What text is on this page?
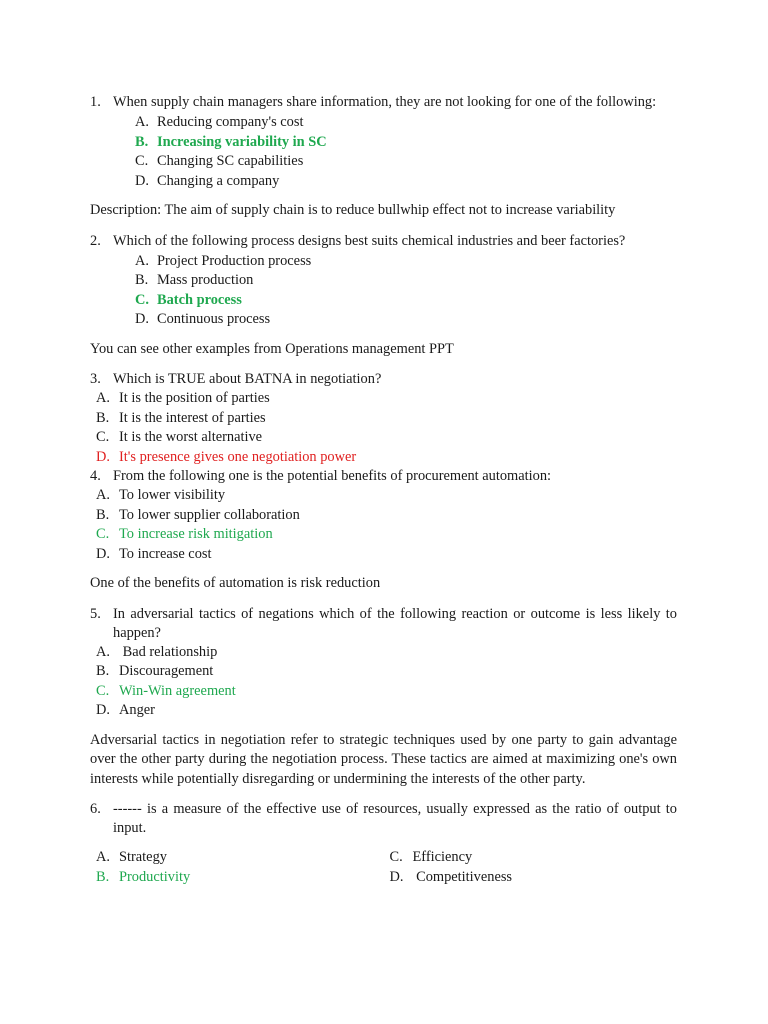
1. When supply chain managers share information, they are not looking for one of the following:
A. Reducing company's cost
B. Increasing variability in SC
C. Changing SC capabilities
D. Changing a company
Description: The aim of supply chain is to reduce bullwhip effect not to increase variability
2. Which of the following process designs best suits chemical industries and beer factories?
A. Project Production process
B. Mass production
C. Batch process
D. Continuous process
You can see other examples from Operations management PPT
3. Which is TRUE about BATNA in negotiation?
A. It is the position of parties
B. It is the interest of parties
C. It is the worst alternative
D. It's presence gives one negotiation power
4. From the following one is the potential benefits of procurement automation:
A. To lower visibility
B. To lower supplier collaboration
C. To increase risk mitigation
D. To increase cost
One of the benefits of automation is risk reduction
5. In adversarial tactics of negations which of the following reaction or outcome is less likely to happen?
A. Bad relationship
B. Discouragement
C. Win-Win agreement
D. Anger
Adversarial tactics in negotiation refer to strategic techniques used by one party to gain advantage over the other party during the negotiation process. These tactics are aimed at maximizing one's own interests while potentially disregarding or undermining the interests of the other party.
6. ------ is a measure of the effective use of resources, usually expressed as the ratio of output to input.
A. Strategy
B. Productivity
C. Efficiency
D. Competitiveness
